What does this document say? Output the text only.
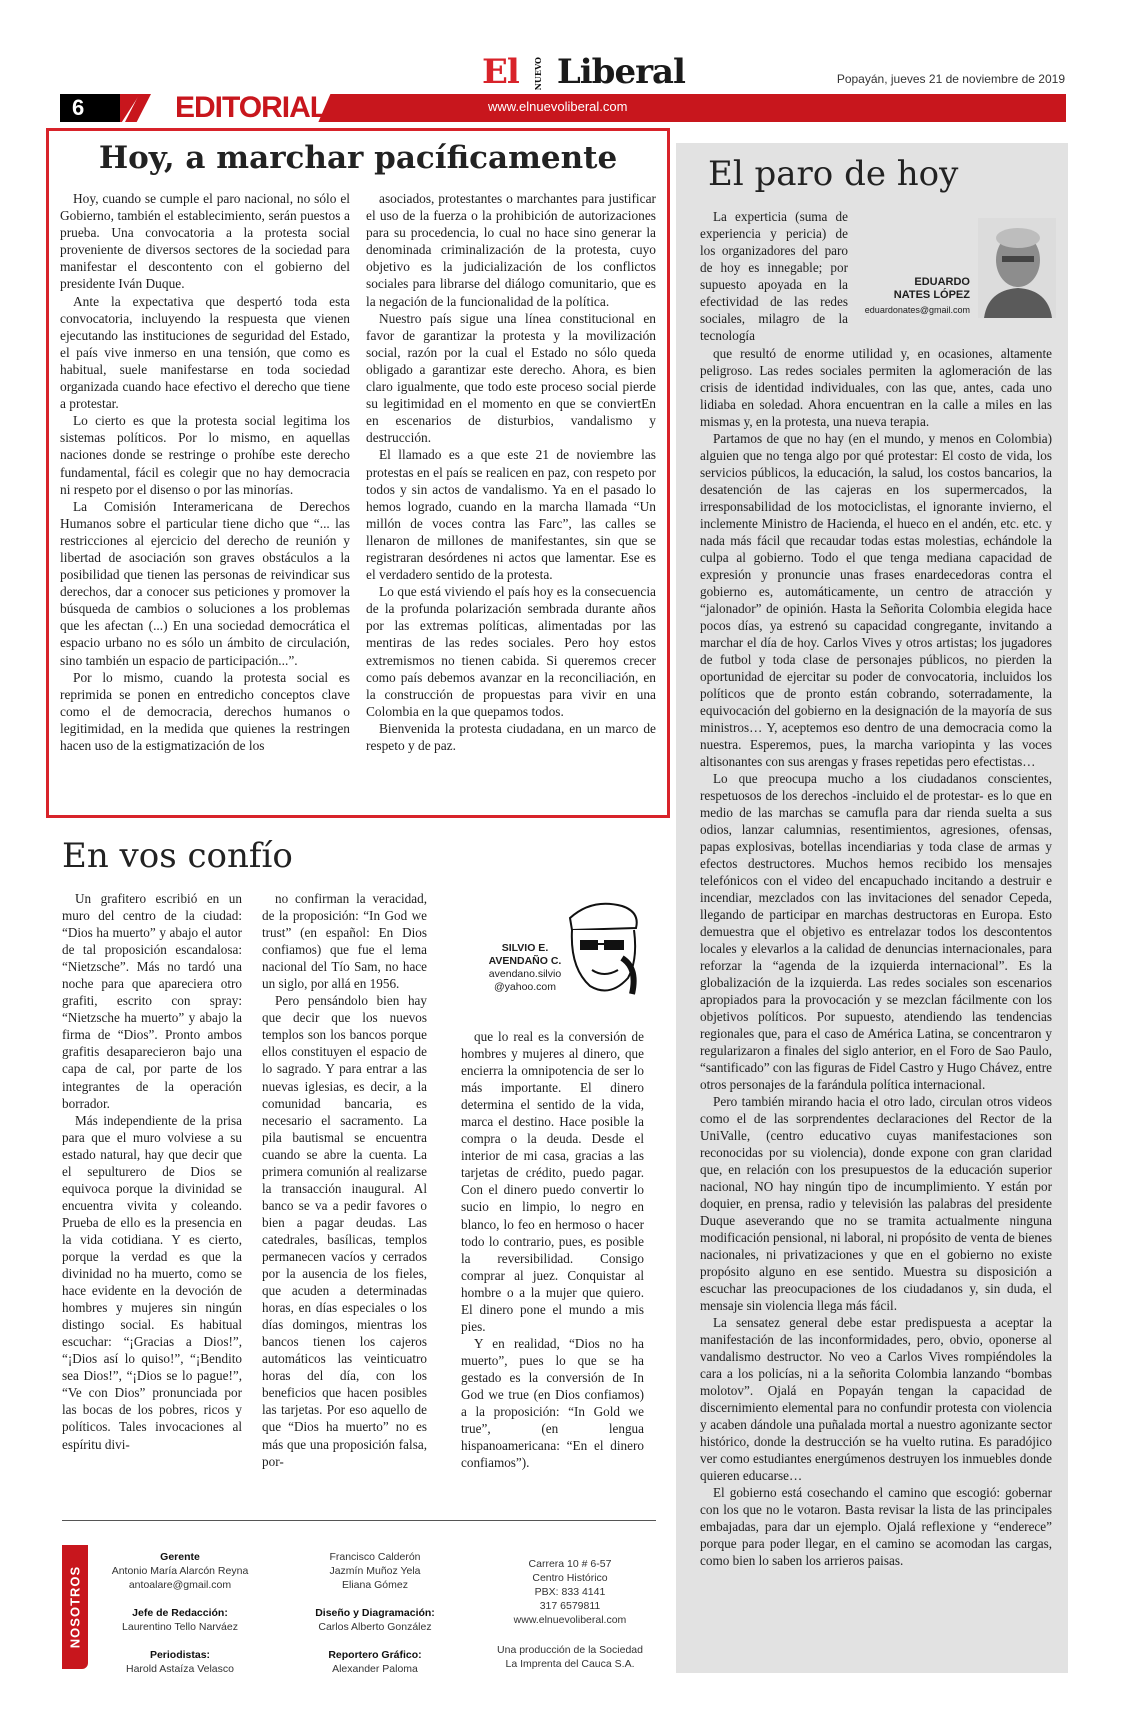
El NUEVO Liberal	Popayán, jueves 21 de noviembre de 2019
6	EDITORIAL	www.elnuevoliberal.com
Hoy, a marchar pacíficamente

Hoy, cuando se cumple el paro nacional, no sólo el Gobierno, también el establecimiento, serán puestos a prueba. Una convocatoria a la protesta social proveniente de diversos sectores de la sociedad para manifestar el descontento con el gobierno del presidente Iván Duque.

Ante la expectativa que despertó toda esta convocatoria, incluyendo la respuesta que vienen ejecutando las instituciones de seguridad del Estado, el país vive inmerso en una tensión, que como es habitual, suele manifestarse en toda sociedad organizada cuando hace efectivo el derecho que tiene a protestar.

Lo cierto es que la protesta social legitima los sistemas políticos. Por lo mismo, en aquellas naciones donde se restringe o prohíbe este derecho fundamental, fácil es colegir que no hay democracia ni respeto por el disenso o por las minorías.

La Comisión Interamericana de Derechos Humanos sobre el particular tiene dicho que “... las restricciones al ejercicio del derecho de reunión y libertad de asociación son graves obstáculos a la posibilidad que tienen las personas de reivindicar sus derechos, dar a conocer sus peticiones y promover la búsqueda de cambios o soluciones a los problemas que les afectan (...) En una sociedad democrática el espacio urbano no es sólo un ámbito de circulación, sino también un espacio de participación...”.

Por lo mismo, cuando la protesta social es reprimida se ponen en entredicho conceptos clave como el de democracia, derechos humanos o legitimidad, en la medida que quienes la restringen hacen uso de la estigmatización de los

asociados, protestantes o marchantes para justificar el uso de la fuerza o la prohibición de autorizaciones para su procedencia, lo cual no hace sino generar la denominada criminalización de la protesta, cuyo objetivo es la judicialización de los conflictos sociales para librarse del diálogo comunitario, que es la negación de la funcionalidad de la política.

Nuestro país sigue una línea constitucional en favor de garantizar la protesta y la movilización social, razón por la cual el Estado no sólo queda obligado a garantizar este derecho. Ahora, es bien claro igualmente, que todo este proceso social pierde su legitimidad en el momento en que se conviertEn en escenarios de disturbios, vandalismo y destrucción.

El llamado es a que este 21 de noviembre las protestas en el país se realicen en paz, con respeto por todos y sin actos de vandalismo. Ya en el pasado lo hemos logrado, cuando en la marcha llamada “Un millón de voces contra las Farc”, las calles se llenaron de millones de manifestantes, sin que se registraran desórdenes ni actos que lamentar. Ese es el verdadero sentido de la protesta.

Lo que está viviendo el país hoy es la consecuencia de la profunda polarización sembrada durante años por las extremas políticas, alimentadas por las mentiras de las redes sociales. Pero hoy estos extremismos no tienen cabida. Si queremos crecer como país debemos avanzar en la reconciliación, en la construcción de propuestas para vivir en una Colombia en la que quepamos todos.

Bienvenida la protesta ciudadana, en un marco de respeto y de paz.

El paro de hoy
EDUARDO
NATES LÓPEZ
eduardonates@gmail.com

La experticia (suma de experiencia y pericia) de los organizadores del paro de hoy es innegable; por supuesto apoyada en la efectividad de las redes sociales, milagro de la tecnología

que resultó de enorme utilidad y, en ocasiones, altamente peligroso. Las redes sociales permiten la aglomeración de las crisis de identidad individuales, con las que, antes, cada uno lidiaba en soledad. Ahora encuentran en la calle a miles en las mismas y, en la protesta, una nueva terapia.

Partamos de que no hay (en el mundo, y menos en Colombia) alguien que no tenga algo por qué protestar: El costo de vida, los servicios públicos, la educación, la salud, los costos bancarios, la desatención de las cajeras en los supermercados, la irresponsabilidad de los motociclistas, el ignorante invierno, el inclemente Ministro de Hacienda, el hueco en el andén, etc. etc. y nada más fácil que recaudar todas estas molestias, echándole la culpa al gobierno. Todo el que tenga mediana capacidad de expresión y pronuncie unas frases enardecedoras contra el gobierno es, automáticamente, un centro de atracción y “jalonador” de opinión. Hasta la Señorita Colombia elegida hace pocos días, ya estrenó su capacidad congregante, invitando a marchar el día de hoy. Carlos Vives y otros artistas; los jugadores de futbol y toda clase de personajes públicos, no pierden la oportunidad de ejercitar su poder de convocatoria, incluidos los políticos que de pronto están cobrando, soterradamente, la equivocación del gobierno en la designación de la mayoría de sus ministros… Y, aceptemos eso dentro de una democracia como la nuestra. Esperemos, pues, la marcha variopinta y las voces altisonantes con sus arengas y frases repetidas pero efectistas…

Lo que preocupa mucho a los ciudadanos conscientes, respetuosos de los derechos -incluido el de protestar- es lo que en medio de las marchas se camufla para dar rienda suelta a sus odios, lanzar calumnias, resentimientos, agresiones, ofensas, papas explosivas, botellas incendiarias y toda clase de armas y efectos destructores. Muchos hemos recibido los mensajes telefónicos con el video del encapuchado incitando a destruir e incendiar, mezclados con las invitaciones del senador Cepeda, llegando de participar en marchas destructoras en Europa. Esto demuestra que el objetivo es entrelazar todos los descontentos locales y elevarlos a la calidad de denuncias internacionales, para reforzar la “agenda de la izquierda internacional”. Es la globalización de la izquierda. Las redes sociales son escenarios apropiados para la provocación y se mezclan fácilmente con los objetivos políticos. Por supuesto, atendiendo las tendencias regionales que, para el caso de América Latina, se concentraron y regularizaron a finales del siglo anterior, en el Foro de Sao Paulo, “santificado” con las figuras de Fidel Castro y Hugo Chávez, entre otros personajes de la farándula política internacional.

Pero también mirando hacia el otro lado, circulan otros videos como el de las sorprendentes declaraciones del Rector de la UniValle, (centro educativo cuyas manifestaciones son reconocidas por su violencia), donde expone con gran claridad que, en relación con los presupuestos de la educación superior nacional, NO hay ningún tipo de incumplimiento. Y están por doquier, en prensa, radio y televisión las palabras del presidente Duque aseverando que no se tramita actualmente ninguna modificación pensional, ni laboral, ni propósito de venta de bienes nacionales, ni privatizaciones y que en el gobierno no existe propósito alguno en ese sentido. Muestra su disposición a escuchar las preocupaciones de los ciudadanos y, sin duda, el mensaje sin violencia llega más fácil.

La sensatez general debe estar predispuesta a aceptar la manifestación de las inconformidades, pero, obvio, oponerse al vandalismo destructor. No veo a Carlos Vives rompiéndoles la cara a los policías, ni a la señorita Colombia lanzando “bombas molotov”. Ojalá en Popayán tengan la capacidad de discernimiento elemental para no confundir protesta con violencia y acaben dándole una puñalada mortal a nuestro agonizante sector histórico, donde la destrucción se ha vuelto rutina. Es paradójico ver como estudiantes energúmenos destruyen los inmuebles donde quieren educarse…

El gobierno está cosechando el camino que escogió: gobernar con los que no le votaron. Basta revisar la lista de las principales embajadas, para dar un ejemplo. Ojalá reflexione y “enderece” porque para poder llegar, en el camino se acomodan las cargas, como bien lo saben los arrieros paisas.

En vos confío

Un grafitero escribió en un muro del centro de la ciudad: “Dios ha muerto” y abajo el autor de tal proposición escandalosa: “Nietzsche”. Más no tardó una noche para que apareciera otro grafiti, escrito con spray: “Nietzsche ha muerto” y abajo la firma de “Dios”. Pronto ambos grafitis desaparecieron bajo una capa de cal, por parte de los integrantes de la operación borrador.

Más independiente de la prisa para que el muro volviese a su estado natural, hay que decir que el sepulturero de Dios se equivoca porque la divinidad se encuentra vivita y coleando. Prueba de ello es la presencia en la vida cotidiana. Y es cierto, porque la verdad es que la divinidad no ha muerto, como se hace evidente en la devoción de hombres y mujeres sin ningún distingo social. Es habitual escuchar: “¡Gracias a Dios!”, “¡Dios así lo quiso!”, “¡Bendito sea Dios!”, “¡Dios se lo pague!”, “Ve con Dios” pronunciada por las bocas de los pobres, ricos y políticos. Tales invocaciones al espíritu divi-

no confirman la veracidad, de la proposición: “In God we trust” (en español: En Dios confiamos) que fue el lema nacional del Tío Sam, no hace un siglo, por allá en 1956.

Pero pensándolo bien hay que decir que los nuevos templos son los bancos porque ellos constituyen el espacio de lo sagrado. Y para entrar a las nuevas iglesias, es decir, a la comunidad bancaria, es necesario el sacramento. La pila bautismal se encuentra cuando se abre la cuenta. La primera comunión al realizarse la transacción inaugural. Al banco se va a pedir favores o bien a pagar deudas. Las catedrales, basílicas, templos permanecen vacíos y cerrados por la ausencia de los fieles, que acuden a determinadas horas, en días especiales o los días domingos, mientras los bancos tienen los cajeros automáticos las veinticuatro horas del día, con los beneficios que hacen posibles las tarjetas. Por eso aquello de que “Dios ha muerto” no es más que una proposición falsa, por-

que lo real es la conversión de hombres y mujeres al dinero, que encierra la omnipotencia de ser lo más importante. El dinero determina el sentido de la vida, marca el destino. Hace posible la compra o la deuda. Desde el interior de mi casa, gracias a las tarjetas de crédito, puedo pagar. Con el dinero puedo convertir lo sucio en limpio, lo negro en blanco, lo feo en hermoso o hacer todo lo contrario, pues, es posible la reversibilidad. Consigo comprar al juez. Conquistar al hombre o a la mujer que quiero. El dinero pone el mundo a mis pies.

Y en realidad, “Dios no ha muerto”, pues lo que se ha gestado es la conversión de In God we true (en Dios confiamos) a la proposición: “In Gold we true”, (en lengua hispanoamericana: “En el dinero confiamos”).

SILVIO E.
AVENDAÑO C.
avendano.silvio
@yahoo.com
NOSOTROS
Gerente
Antonio María Alarcón Reyna
antoalare@gmail.com
Jefe de Redacción:
Laurentino Tello Narváez
Periodistas:
Harold Astaíza Velasco
Francisco Calderón
Jazmín Muñoz Yela
Eliana Gómez
Diseño y Diagramación:
Carlos Alberto González
Reportero Gráfico:
Alexander Paloma
Carrera 10 # 6-57
Centro Histórico
PBX: 833 4141
317 6579811
www.elnuevoliberal.com
Una producción de la Sociedad
La Imprenta del Cauca S.A.
